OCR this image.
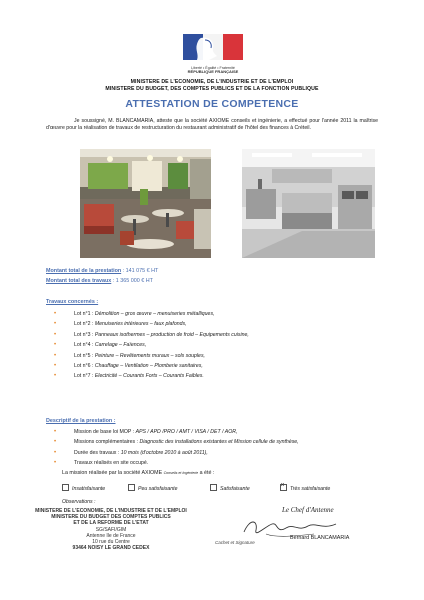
Liberté • Égalité • Fraternité
RÉPUBLIQUE FRANÇAISE
MINISTERE DE L'ECONOMIE, DE L'INDUSTRIE ET DE L'EMPLOI
MINISTERE DU BUDGET, DES COMPTES PUBLICS ET DE LA FONCTION PUBLIQUE
ATTESTATION DE COMPETENCE
Je soussigné, M. BLANCAMARIA, atteste que la société AXIOME conseils et ingénierie, a effectué pour l'année 2011 la maîtrise d'œuvre pour la réalisation de travaux de restructuration du restaurant administratif de l'hôtel des finances à Créteil.
Montant total de la prestation : 141 075 € HT
Montant total des travaux : 1 365 000 € HT
Travaux concernés :
•	Lot n°1 : Démolition – gros œuvre – menuiseries métalliques,
•	Lot n°2 : Menuiseries intérieures – faux plafonds,
•	Lot n°3 : Panneaux isothermes – production de froid – Equipements cuisine,
•	Lot n°4 : Carrelage – Faïences,
•	Lot n°5 : Peinture – Revêtements muraux – sols souples,
•	Lot n°6 : Chauffage – Ventilation – Plomberie sanitaires,
•	Lot n°7 : Electricité – Courants Forts – Courants Faibles.
Descriptif de la prestation :
•	Mission de base loi MOP : APS / APD /PRO / AMT / VISA / DET / AOR,
•	Missions complémentaires : Diagnostic des installations existantes et Mission cellule de synthèse,
•	Durée des travaux : 10 mois (d'octobre 2010 à août 2011),
•	Travaux réalisés en site occupé.
La mission réalisée par la société AXIOME Conseils et Ingénierie a été :
Insatisfaisante	Peu satisfaisante	Satisfaisante
×	Très satisfaisante
Observations :
MINISTERE DE L'ECONOMIE, DE L'INDUSTRIE ET DE L'EMPLOI
MINISTERE DU BUDGET DES COMPTES PUBLICS
ET DE LA REFORME DE L'ETAT
SG/SAFI/GIM
Antenne Ile de France
10 rue du Centre
93464 NOISY LE GRAND CEDEX
Cachet et Signature
Le Chef d'Antenne
Bernard BLANCAMARIA
